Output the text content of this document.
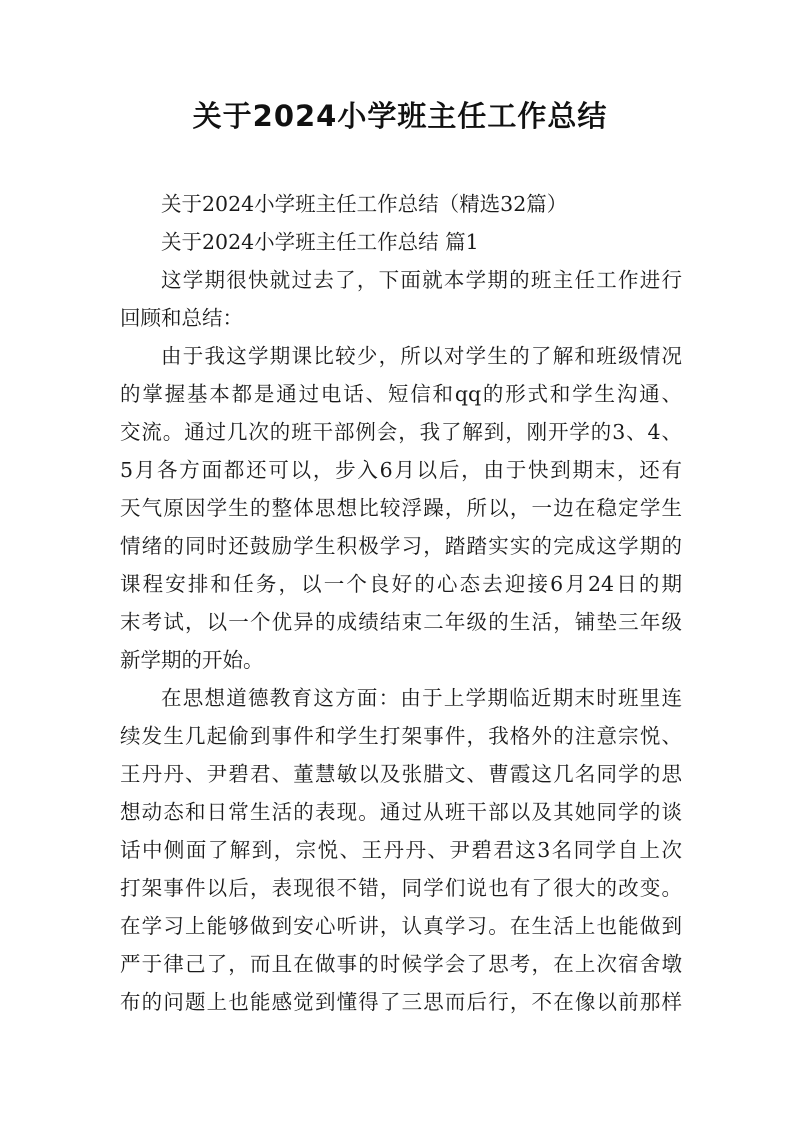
关于2024小学班主任工作总结
关于2024小学班主任工作总结（精选32篇）
关于2024小学班主任工作总结 篇1
这学期很快就过去了，下面就本学期的班主任工作进行
回顾和总结：
由于我这学期课比较少，所以对学生的了解和班级情况
的掌握基本都是通过电话、短信和qq的形式和学生沟通、
交流。通过几次的班干部例会，我了解到，刚开学的3、4、
5月各方面都还可以，步入6月以后，由于快到期末，还有
天气原因学生的整体思想比较浮躁，所以，一边在稳定学生
情绪的同时还鼓励学生积极学习，踏踏实实的完成这学期的
课程安排和任务，以一个良好的心态去迎接6月24日的期
末考试，以一个优异的成绩结束二年级的生活，铺垫三年级
新学期的开始。
在思想道德教育这方面：由于上学期临近期末时班里连
续发生几起偷到事件和学生打架事件，我格外的注意宗悦、
王丹丹、尹碧君、董慧敏以及张腊文、曹霞这几名同学的思
想动态和日常生活的表现。通过从班干部以及其她同学的谈
话中侧面了解到，宗悦、王丹丹、尹碧君这3名同学自上次
打架事件以后，表现很不错，同学们说也有了很大的改变。
在学习上能够做到安心听讲，认真学习。在生活上也能做到
严于律己了，而且在做事的时候学会了思考，在上次宿舍墩
布的问题上也能感觉到懂得了三思而后行，不在像以前那样
